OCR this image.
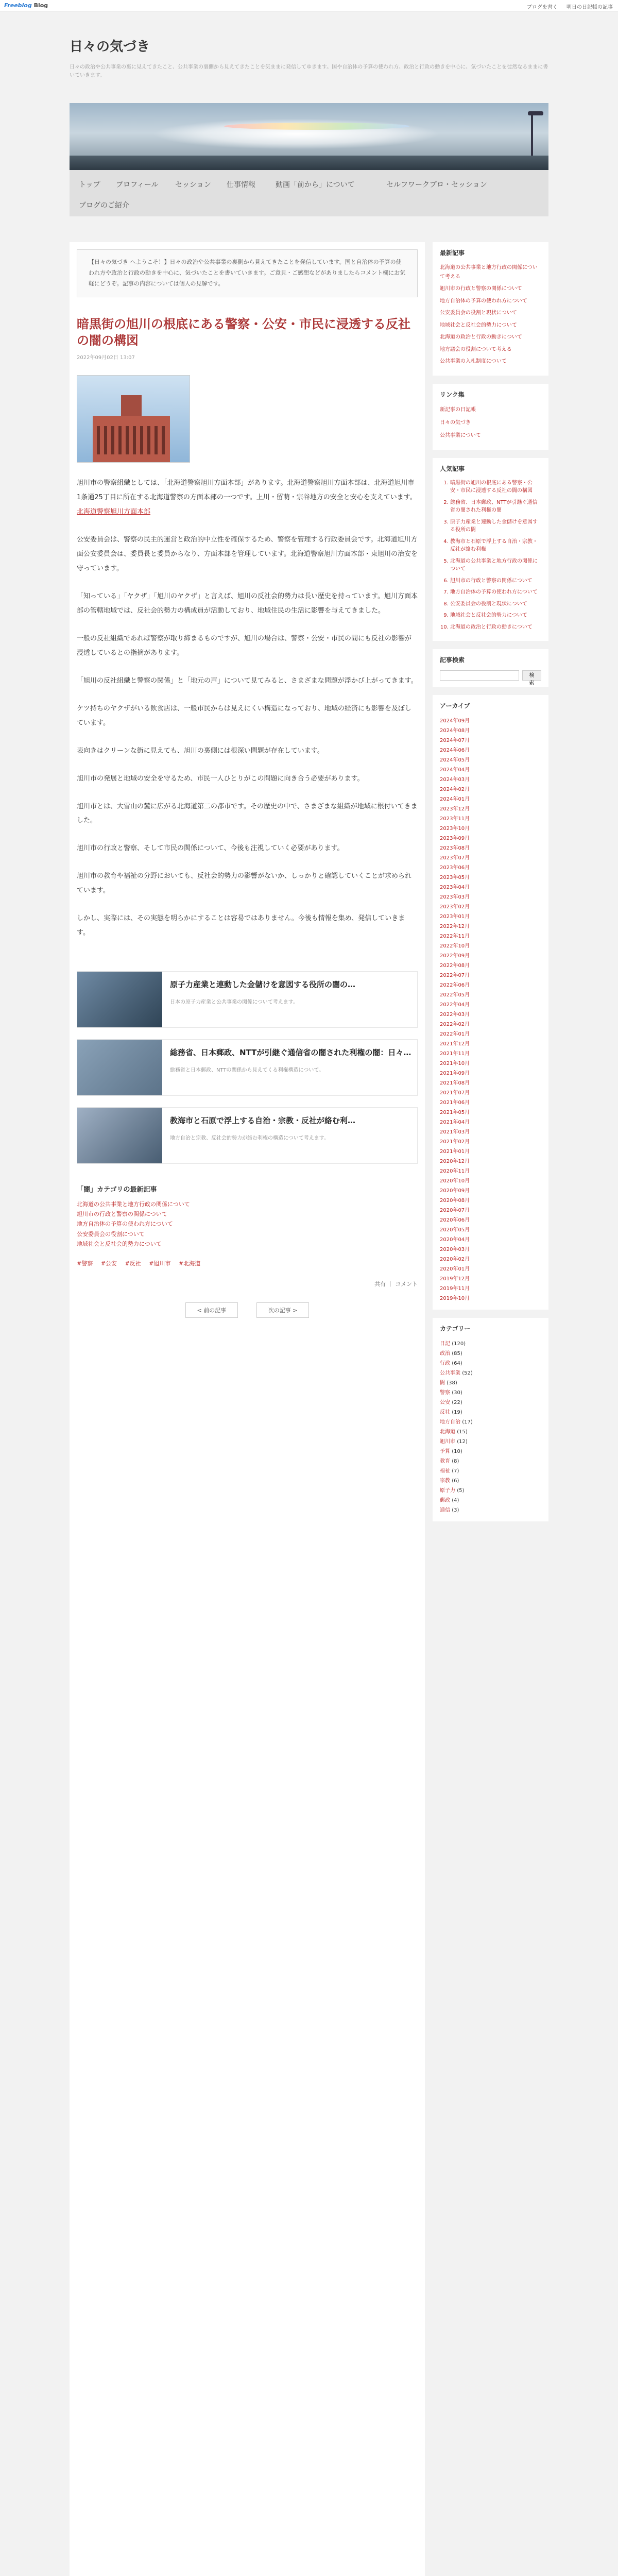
Freeblog Blog	ブログを書く 明日の日記帳の記事
日々の気づき
日々の政治や公共事業の裏に見えてきたこと、公共事業の裏側から見えてきたことを気ままに発信してゆきます。国や自治体の予算の使われ方、政治と行政の動きを中心に、気づいたことを徒然なるままに書いていきます。
トップ プロフィール セッション 仕事情報	動画「前から」について	セルフワークプロ・セッション
ブログのご紹介
【日々の気づき へようこそ！】日々の政治や公共事業の裏側から見えてきたことを発信しています。国と自治体の予算の使われ方や政治と行政の動きを中心に、気づいたことを書いていきます。ご意見・ご感想などがありましたらコメント欄にお気軽にどうぞ。記事の内容については個人の見解です。
暗黒街の旭川の根底にある警察・公安・市民に浸透する反社の闇の構図
2022年09月02日 13:07

旭川市の警察組織としては、「北海道警察旭川方面本部」があります。北海道警察旭川方面本部は、北海道旭川市1条通25丁目に所在する北海道警察の方面本部の一つです。上川・留萌・宗谷地方の安全と安心を支えています。 北海道警察旭川方面本部

公安委員会は、警察の民主的運営と政治的中立性を確保するため、警察を管理する行政委員会です。北海道旭川方面公安委員会は、委員長と委員からなり、方面本部を管理しています。北海道警察旭川方面本部・東旭川の治安を守っています。

「知っている」「ヤクザ」「旭川のヤクザ」と言えば、旭川の反社会的勢力は長い歴史を持っています。旭川方面本部の管轄地域では、反社会的勢力の構成員が活動しており、地域住民の生活に影響を与えてきました。

一般の反社組織であれば警察が取り締まるものですが、旭川の場合は、警察・公安・市民の間にも反社の影響が浸透しているとの指摘があります。

「旭川の反社組織と警察の関係」と「地元の声」について見てみると、さまざまな問題が浮かび上がってきます。

ケツ持ちのヤクザがいる飲食店は、一般市民からは見えにくい構造になっており、地域の経済にも影響を及ぼしています。

表向きはクリーンな街に見えても、旭川の裏側には根深い問題が存在しています。

旭川市の発展と地域の安全を守るため、市民一人ひとりがこの問題に向き合う必要があります。

旭川市とは、大雪山の麓に広がる北海道第二の都市です。その歴史の中で、さまざまな組織が地域に根付いてきました。

旭川市の行政と警察、そして市民の関係について、今後も注視していく必要があります。

旭川市の教育や福祉の分野においても、反社会的勢力の影響がないか、しっかりと確認していくことが求められています。

しかし、実際には、その実態を明らかにすることは容易ではありません。今後も情報を集め、発信していきます。

原子力産業と連動した金儲けを意図する役所の闇の…
日本の原子力産業と公共事業の関係について考えます。
総務省、日本郵政、NTTが引継ぐ通信省の闇された利権の闇：日々…
総務省と日本郵政、NTTの関係から見えてくる利権構造について。
教海市と石原で浮上する自治・宗教・反社が絡む利…
地方自治と宗教、反社会的勢力が絡む利権の構造について考えます。
「闇」カテゴリの最新記事
北海道の公共事業と地方行政の関係について
旭川市の行政と警察の関係について
地方自治体の予算の使われ方について
公安委員会の役割について
地域社会と反社会的勢力について
#警察 #公安 #反社 #旭川市 #北海道
共有 ｜ コメント
< 前の記事	次の記事 >
最新記事
北海道の公共事業と地方行政の関係について考える
旭川市の行政と警察の関係について
地方自治体の予算の使われ方について
公安委員会の役割と現状について
地域社会と反社会的勢力について
北海道の政治と行政の動きについて
地方議会の役割について考える
公共事業の入札制度について
リンク集
新記事の日記帳
日々の気づき
公共事業について
人気記事
1. 暗黒街の旭川の根底にある警察・公安・市民に浸透する反社の闇の構図
2. 総務省、日本郵政、NTTが引継ぐ通信省の闇された利権の闇
3. 原子力産業と連動した金儲けを意図する役所の闇
4. 教海市と石原で浮上する自治・宗教・反社が絡む利権
5. 北海道の公共事業と地方行政の関係について
6. 旭川市の行政と警察の関係について
7. 地方自治体の予算の使われ方について
8. 公安委員会の役割と現状について
9. 地域社会と反社会的勢力について
10. 北海道の政治と行政の動きについて
記事検索
検索
アーカイブ
2024年09月
2024年08月
2024年07月
2024年06月
2024年05月
2024年04月
2024年03月
2024年02月
2024年01月
2023年12月
2023年11月
2023年10月
2023年09月
2023年08月
2023年07月
2023年06月
2023年05月
2023年04月
2023年03月
2023年02月
2023年01月
2022年12月
2022年11月
2022年10月
2022年09月
2022年08月
2022年07月
2022年06月
2022年05月
2022年04月
2022年03月
2022年02月
2022年01月
2021年12月
2021年11月
2021年10月
2021年09月
2021年08月
2021年07月
2021年06月
2021年05月
2021年04月
2021年03月
2021年02月
2021年01月
2020年12月
2020年11月
2020年10月
2020年09月
2020年08月
2020年07月
2020年06月
2020年05月
2020年04月
2020年03月
2020年02月
2020年01月
2019年12月
2019年11月
2019年10月
カテゴリー
日記 (120)
政治 (85)
行政 (64)
公共事業 (52)
闇 (38)
警察 (30)
公安 (22)
反社 (19)
地方自治 (17)
北海道 (15)
旭川市 (12)
予算 (10)
教育 (8)
福祉 (7)
宗教 (6)
原子力 (5)
郵政 (4)
通信 (3)
